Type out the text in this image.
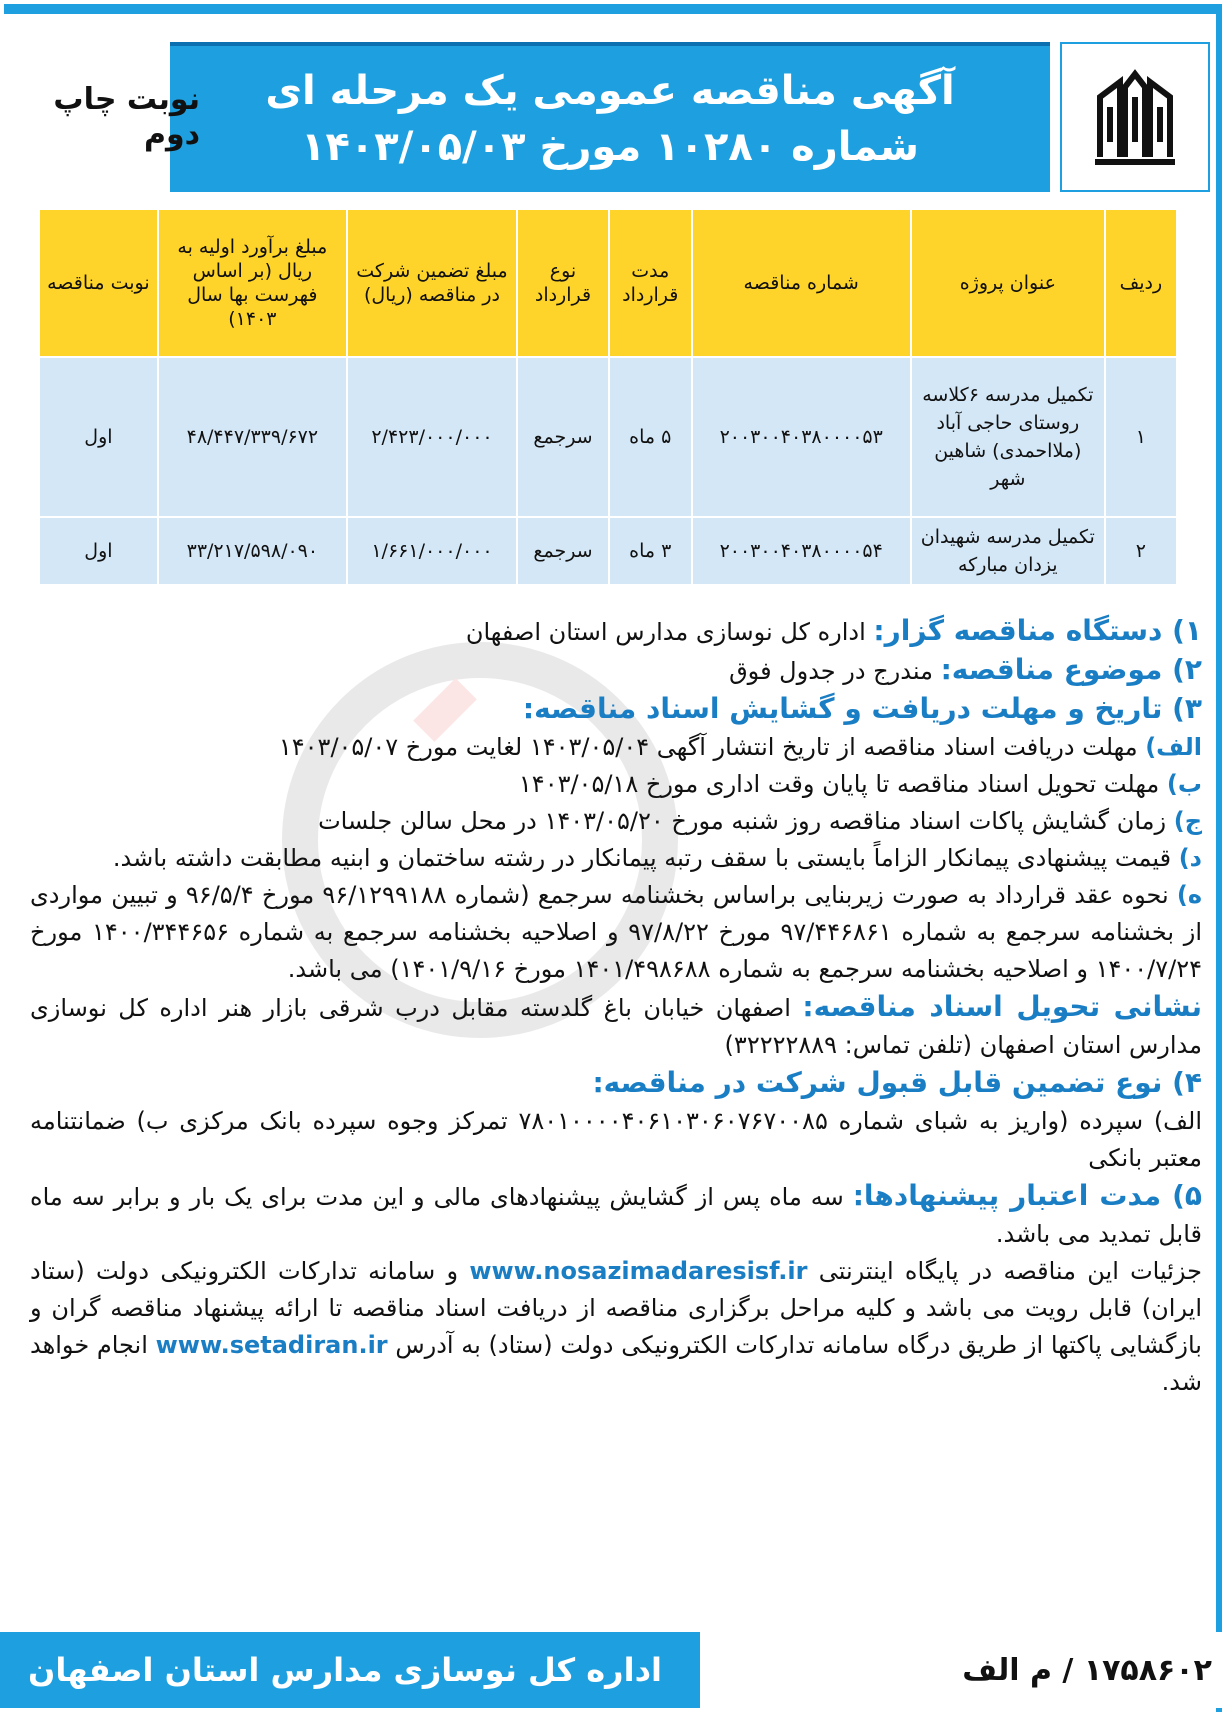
آگهی مناقصه عمومی یک مرحله ای
شماره ۱۰۲۸۰ مورخ ۱۴۰۳/۰۵/۰۳
نوبت چاپ دوم
ردیف	عنوان پروژه	شماره مناقصه	مدت قرارداد	نوع قرارداد	مبلغ تضمین شرکت در مناقصه (ریال)	مبلغ برآورد اولیه به ریال (بر اساس فهرست بها سال ۱۴۰۳)	نوبت مناقصه
۱	تکمیل مدرسه ۶کلاسه روستای حاجی آباد (ملااحمدی) شاهین شهر	۲۰۰۳۰۰۴۰۳۸۰۰۰۰۵۳	۵ ماه	سرجمع	۲/۴۲۳/۰۰۰/۰۰۰	۴۸/۴۴۷/۳۳۹/۶۷۲	اول
۲	تکمیل مدرسه شهیدان یزدان مبارکه	۲۰۰۳۰۰۴۰۳۸۰۰۰۰۵۴	۳ ماه	سرجمع	۱/۶۶۱/۰۰۰/۰۰۰	۳۳/۲۱۷/۵۹۸/۰۹۰	اول

۱) دستگاه مناقصه گزار: اداره کل نوسازی مدارس استان اصفهان

۲) موضوع مناقصه: مندرج در جدول فوق

۳) تاریخ و مهلت دریافت و گشایش اسناد مناقصه:

الف) مهلت دریافت اسناد مناقصه از تاریخ انتشار آگهی ۱۴۰۳/۰۵/۰۴ لغایت مورخ ۱۴۰۳/۰۵/۰۷

ب) مهلت تحویل اسناد مناقصه تا پایان وقت اداری مورخ ۱۴۰۳/۰۵/۱۸

ج) زمان گشایش پاکات اسناد مناقصه روز شنبه مورخ ۱۴۰۳/۰۵/۲۰ در محل سالن جلسات

د) قیمت پیشنهادی پیمانکار الزاماً بایستی با سقف رتبه پیمانکار در رشته ساختمان و ابنیه مطابقت داشته باشد.

ه) نحوه عقد قرارداد به صورت زیربنایی براساس بخشنامه سرجمع (شماره ۹۶/۱۲۹۹۱۸۸ مورخ ۹۶/۵/۴ و تبیین مواردی از بخشنامه سرجمع به شماره ۹۷/۴۴۶۸۶۱ مورخ ۹۷/۸/۲۲ و اصلاحیه بخشنامه سرجمع به شماره ۱۴۰۰/۳۴۴۶۵۶ مورخ ۱۴۰۰/۷/۲۴ و اصلاحیه بخشنامه سرجمع به شماره ۱۴۰۱/۴۹۸۶۸۸ مورخ ۱۴۰۱/۹/۱۶) می باشد.

نشانی تحویل اسناد مناقصه: اصفهان خیابان باغ گلدسته مقابل درب شرقی بازار هنر اداره کل نوسازی مدارس استان اصفهان (تلفن تماس: ۳۲۲۲۲۸۸۹)

۴) نوع تضمین قابل قبول شرکت در مناقصه:

الف) سپرده (واریز به شبای شماره ۷۸۰۱۰۰۰۰۴۰۶۱۰۳۰۶۰۷۶۷۰۰۸۵ تمرکز وجوه سپرده بانک مرکزی ب) ضمانتنامه معتبر بانکی

۵) مدت اعتبار پیشنهادها: سه ماه پس از گشایش پیشنهادهای مالی و این مدت برای یک بار و برابر سه ماه قابل تمدید می باشد.

جزئیات این مناقصه در پایگاه اینترنتی www.nosazimadaresisf.ir و سامانه تدارکات الکترونیکی دولت (ستاد ایران) قابل رویت می باشد و کلیه مراحل برگزاری مناقصه از دریافت اسناد مناقصه تا ارائه پیشنهاد مناقصه گران و بازگشایی پاکتها از طریق درگاه سامانه تدارکات الکترونیکی دولت (ستاد) به آدرس www.setadiran.ir انجام خواهد شد.

۱۷۵۸۶۰۲ / م الف
اداره کل نوسازی مدارس استان اصفهان
